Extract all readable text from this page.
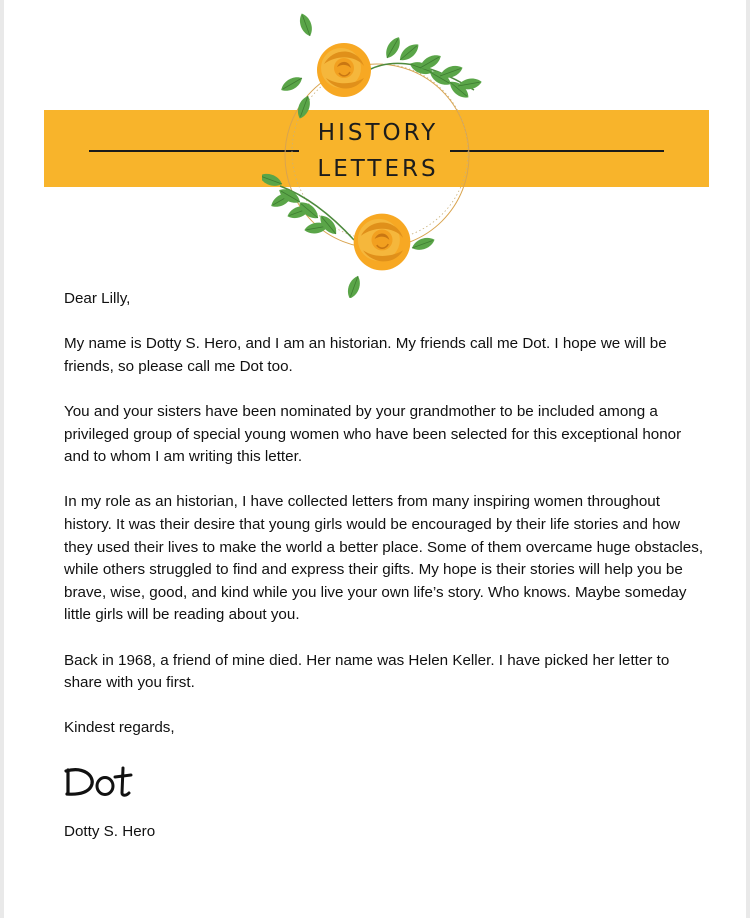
HISTORY
LETTERS

Dear Lilly,

My name is Dotty S. Hero, and I am an historian. My friends call me Dot. I hope we will be friends, so please call me Dot too.

You and your sisters have been nominated by your grandmother to be included among a privileged group of special young women who have been selected for this exceptional honor and to whom I am writing this letter.

In my role as an historian, I have collected letters from many inspiring women throughout history. It was their desire that young girls would be encouraged by their life stories and how they used their lives to make the world a better place. Some of them overcame huge obstacles, while others struggled to find and express their gifts. My hope is their stories will help you be brave, wise, good, and kind while you live your own life’s story. Who knows. Maybe someday little girls will be reading about you.

Back in 1968, a friend of mine died. Her name was Helen Keller. I have picked her letter to share with you first.

Kindest regards,

Dotty S. Hero
